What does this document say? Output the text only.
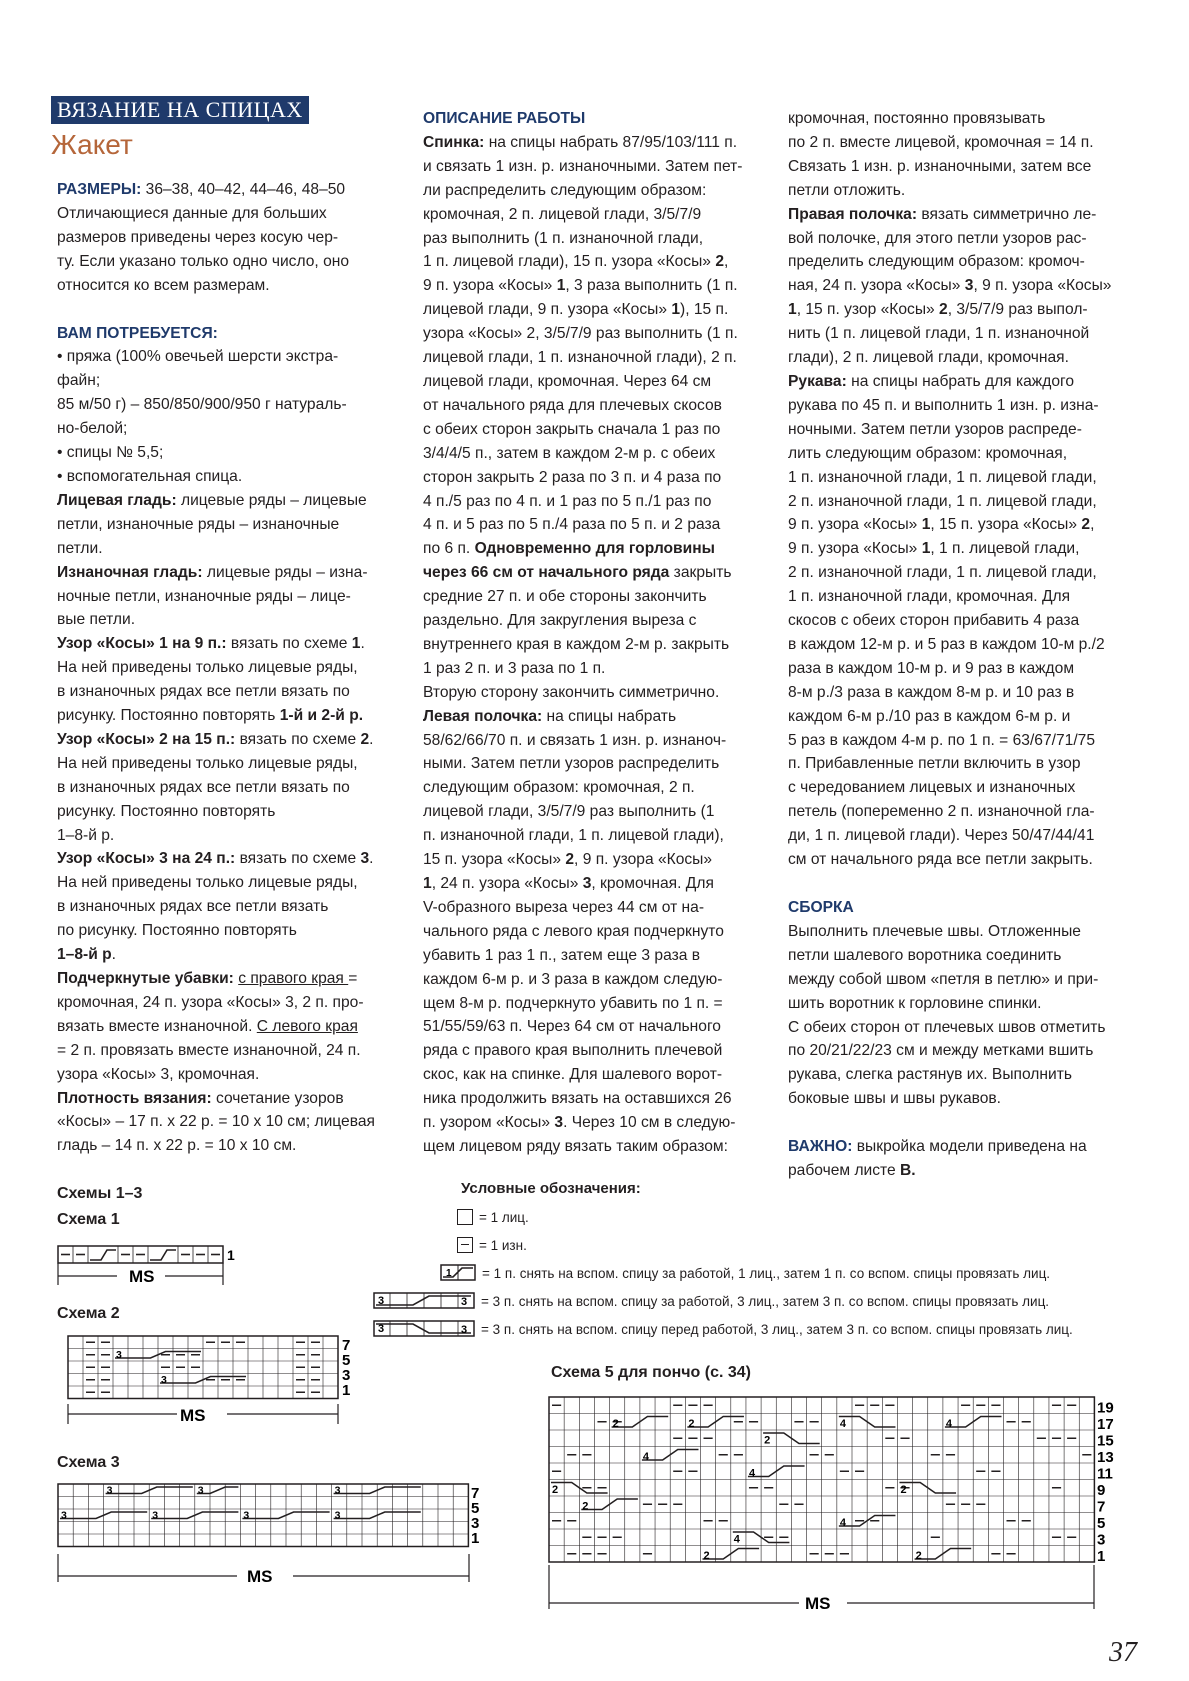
ВЯЗАНИЕ НА СПИЦАХ
Жакет
РАЗМЕРЫ: 36–38, 40–42, 44–46, 48–50
Отличающиеся данные для больших
размеров приведены через косую чер-
ту. Если указано только одно число, оно
относится ко всем размерам.
ВАМ ПОТРЕБУЕТСЯ:
• пряжа (100% овечьей шерсти экстра-
файн;
85 м/50 г) – 850/850/900/950 г натураль-
но-белой;
• спицы № 5,5;
• вспомогательная спица.
Лицевая гладь: лицевые ряды – лицевые
петли, изнаночные ряды – изнаночные
петли.
Изнаночная гладь: лицевые ряды – изна-
ночные петли, изнаночные ряды – лице-
вые петли.
Узор «Косы» 1 на 9 п.: вязать по схеме 1.
На ней приведены только лицевые ряды,
в изнаночных рядах все петли вязать по
рисунку. Постоянно повторять 1-й и 2-й р.
Узор «Косы» 2 на 15 п.: вязать по схеме 2.
На ней приведены только лицевые ряды,
в изнаночных рядах все петли вязать по
рисунку. Постоянно повторять
1–8-й р.
Узор «Косы» 3 на 24 п.: вязать по схеме 3.
На ней приведены только лицевые ряды,
в изнаночных рядах все петли вязать
по рисунку. Постоянно повторять
1–8-й р.
Подчеркнутые убавки: с правого края =
кромочная, 24 п. узора «Косы» 3, 2 п. про-
вязать вместе изнаночной. С левого края
= 2 п. провязать вместе изнаночной, 24 п.
узора «Косы» 3, кромочная.
Плотность вязания: сочетание узоров
«Косы» – 17 п. х 22 р. = 10 х 10 см; лицевая
гладь – 14 п. х 22 р. = 10 х 10 см.
ОПИСАНИЕ РАБОТЫ
Спинка: на спицы набрать 87/95/103/111 п.
и связать 1 изн. р. изнаночными. Затем пет-
ли распределить следующим образом:
кромочная, 2 п. лицевой глади, 3/5/7/9
раз выполнить (1 п. изнаночной глади,
1 п. лицевой глади), 15 п. узора «Косы» 2,
9 п. узора «Косы» 1, 3 раза выполнить (1 п.
лицевой глади, 9 п. узора «Косы» 1), 15 п.
узора «Косы» 2, 3/5/7/9 раз выполнить (1 п.
лицевой глади, 1 п. изнаночной глади), 2 п.
лицевой глади, кромочная. Через 64 см
от начального ряда для плечевых скосов
с обеих сторон закрыть сначала 1 раз по
3/4/4/5 п., затем в каждом 2-м р. с обеих
сторон закрыть 2 раза по 3 п. и 4 раза по
4 п./5 раз по 4 п. и 1 раз по 5 п./1 раз по
4 п. и 5 раз по 5 п./4 раза по 5 п. и 2 раза
по 6 п. Одновременно для горловины
через 66 см от начального ряда закрыть
средние 27 п. и обе стороны закончить
раздельно. Для закругления выреза с
внутреннего края в каждом 2-м р. закрыть
1 раз 2 п. и 3 раза по 1 п.
Вторую сторону закончить симметрично.
Левая полочка: на спицы набрать
58/62/66/70 п. и связать 1 изн. р. изнаноч-
ными. Затем петли узоров распределить
следующим образом: кромочная, 2 п.
лицевой глади, 3/5/7/9 раз выполнить (1
п. изнаночной глади, 1 п. лицевой глади),
15 п. узора «Косы» 2, 9 п. узора «Косы»
1, 24 п. узора «Косы» 3, кромочная. Для
V-образного выреза через 44 см от на-
чального ряда с левого края подчеркнуто
убавить 1 раз 1 п., затем еще 3 раза в
каждом 6-м р. и 3 раза в каждом следую-
щем 8-м р. подчеркнуто убавить по 1 п. =
51/55/59/63 п. Через 64 см от начального
ряда с правого края выполнить плечевой
скос, как на спинке. Для шалевого ворот-
ника продолжить вязать на оставшихся 26
п. узором «Косы» 3. Через 10 см в следую-
щем лицевом ряду вязать таким образом:
кромочная, постоянно провязывать
по 2 п. вместе лицевой, кромочная = 14 п.
Связать 1 изн. р. изнаночными, затем все
петли отложить.
Правая полочка: вязать симметрично ле-
вой полочке, для этого петли узоров рас-
пределить следующим образом: кромоч-
ная, 24 п. узора «Косы» 3, 9 п. узора «Косы»
1, 15 п. узор «Косы» 2, 3/5/7/9 раз выпол-
нить (1 п. лицевой глади, 1 п. изнаночной
глади), 2 п. лицевой глади, кромочная.
Рукава: на спицы набрать для каждого
рукава по 45 п. и выполнить 1 изн. р. изна-
ночными. Затем петли узоров распреде-
лить следующим образом: кромочная,
1 п. изнаночной глади, 1 п. лицевой глади,
2 п. изнаночной глади, 1 п. лицевой глади,
9 п. узора «Косы» 1, 15 п. узора «Косы» 2,
9 п. узора «Косы» 1, 1 п. лицевой глади,
2 п. изнаночной глади, 1 п. лицевой глади,
1 п. изнаночной глади, кромочная. Для
скосов с обеих сторон прибавить 4 раза
в каждом 12-м р. и 5 раз в каждом 10-м р./2
раза в каждом 10-м р. и 9 раз в каждом
8-м р./3 раза в каждом 8-м р. и 10 раз в
каждом 6-м р./10 раз в каждом 6-м р. и
5 раз в каждом 4-м р. по 1 п. = 63/67/71/75
п. Прибавленные петли включить в узор
с чередованием лицевых и изнаночных
петель (попеременно 2 п. изнаночной гла-
ди, 1 п. лицевой глади). Через 50/47/44/41
см от начального ряда все петли закрыть.
СБОРКА
Выполнить плечевые швы. Отложенные
петли шалевого воротника соединить
между собой швом «петля в петлю» и при-
шить воротник к горловине спинки.
С обеих сторон от плечевых швов отметить
по 20/21/22/23 см и между метками вшить
рукава, слегка растянув их. Выполнить
боковые швы и швы рукавов.
ВАЖНО: выкройка модели приведена на
рабочем листе В.
Схемы 1–3
Схема 1
Схема 2
Схема 3
Схема 5 для пончо (с. 34)
1
MS
3
3
MS
7
5
3
1
3	3	3
3	3	3	3
MS
7
5
3
1
Условные обозначения:
= 1 лиц.
= 1 изн.
1 = 1 п. снять на вспом. спицу за работой, 1 лиц., затем 1 п. со вспом. спицы провязать лиц.
3	3 = 3 п. снять на вспом. спицу за работой, 3 лиц., затем 3 п. со вспом. спицы провязать лиц.
3	3 = 3 п. снять на вспом. спицу перед работой, 3 лиц., затем 3 п. со вспом. спицы провязать лиц.
2	2	4	4
2
4
4
2	2
2
4
4
2	2
MS
19
17
15
13
11
9
7
5
3
1
37
